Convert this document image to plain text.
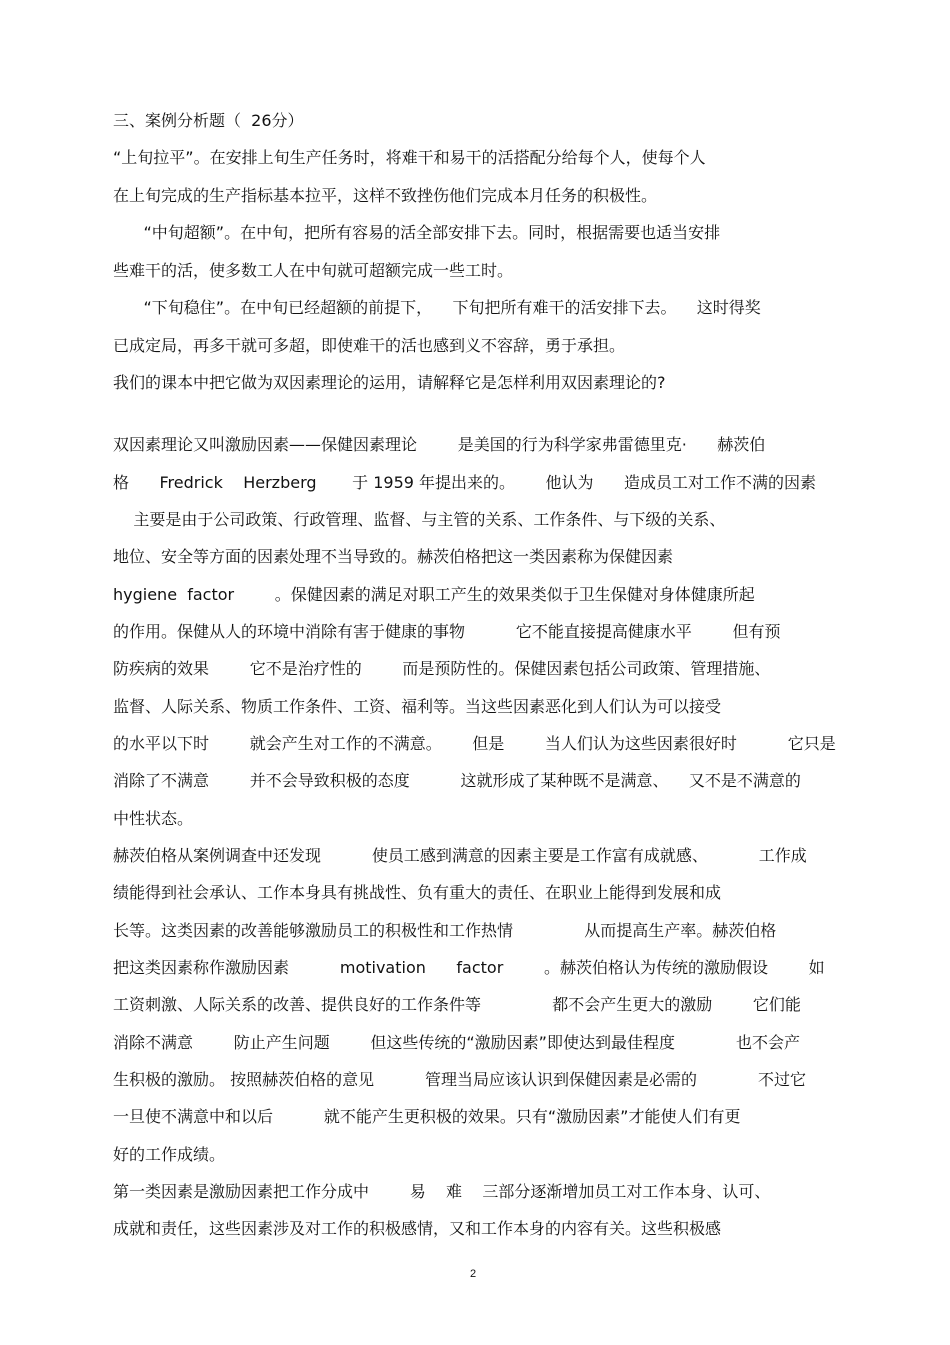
三、案例分析题（  26分）

“上旬拉平”。在安排上旬生产任务时，将难干和易干的活搭配分给每个人，使每个人

在上旬完成的生产指标基本拉平，这样不致挫伤他们完成本月任务的积极性。

“中旬超额”。在中旬，把所有容易的活全部安排下去。同时，根据需要也适当安排

些难干的活，使多数工人在中旬就可超额完成一些工时。

“下旬稳住”。在中旬已经超额的前提下，    下旬把所有难干的活安排下去。    这时得奖

已成定局，再多干就可多超，即使难干的活也感到义不容辞，勇于承担。

我们的课本中把它做为双因素理论的运用，请解释它是怎样利用双因素理论的?

双因素理论又叫激励因素——保健因素理论        是美国的行为科学家弗雷德里克·      赫茨伯

格      Fredrick    Herzberg       于 1959 年提出来的。      他认为      造成员工对工作不满的因素

主要是由于公司政策、行政管理、监督、与主管的关系、工作条件、与下级的关系、

地位、安全等方面的因素处理不当导致的。赫茨伯格把这一类因素称为保健因素

hygiene  factor        。保健因素的满足对职工产生的效果类似于卫生保健对身体健康所起

的作用。保健从人的环境中消除有害于健康的事物          它不能直接提高健康水平        但有预

防疾病的效果        它不是治疗性的        而是预防性的。保健因素包括公司政策、管理措施、

监督、人际关系、物质工作条件、工资、福利等。当这些因素恶化到人们认为可以接受

的水平以下时        就会产生对工作的不满意。      但是        当人们认为这些因素很好时          它只是

消除了不满意        并不会导致积极的态度          这就形成了某种既不是满意、    又不是不满意的

中性状态。

赫茨伯格从案例调查中还发现          使员工感到满意的因素主要是工作富有成就感、          工作成

绩能得到社会承认、工作本身具有挑战性、负有重大的责任、在职业上能得到发展和成

长等。这类因素的改善能够激励员工的积极性和工作热情              从而提高生产率。赫茨伯格

把这类因素称作激励因素          motivation      factor        。赫茨伯格认为传统的激励假设        如

工资刺激、人际关系的改善、提供良好的工作条件等              都不会产生更大的激励        它们能

消除不满意        防止产生问题        但这些传统的“激励因素”即使达到最佳程度            也不会产

生积极的激励。 按照赫茨伯格的意见          管理当局应该认识到保健因素是必需的            不过它

一旦使不满意中和以后          就不能产生更积极的效果。只有“激励因素”才能使人们有更

好的工作成绩。

第一类因素是激励因素把工作分成中        易    难    三部分逐渐增加员工对工作本身、认可、

成就和责任，这些因素涉及对工作的积极感情，又和工作本身的内容有关。这些积极感

2
